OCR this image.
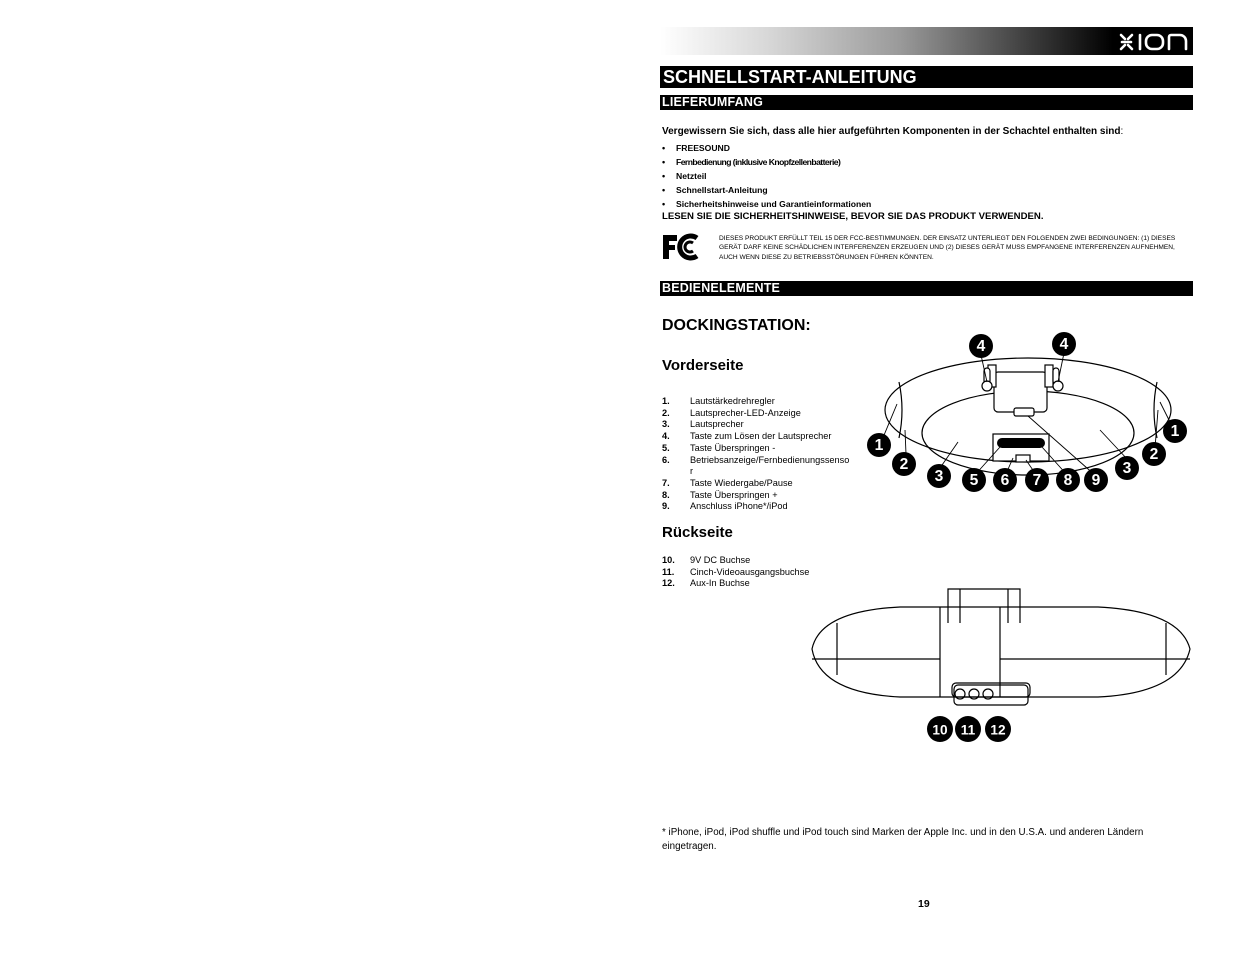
SCHNELLSTART-ANLEITUNG
LIEFERUMFANG
BEDIENELEMENTE
Vergewissern Sie sich, dass alle hier aufgeführten Komponenten in der Schachtel enthalten sind:
•	FREESOUND
•	Fernbedienung (inklusive Knopfzellenbatterie)
•	Netzteil
•	Schnellstart-Anleitung
•	Sicherheitshinweise und Garantieinformationen
LESEN SIE DIE SICHERHEITSHINWEISE, BEVOR SIE DAS PRODUKT VERWENDEN.
DIESES PRODUKT ERFÜLLT TEIL 15 DER FCC-BESTIMMUNGEN. DER EINSATZ UNTERLIEGT DEN FOLGENDEN ZWEI BEDINGUNGEN: (1) DIESES GERÄT DARF KEINE SCHÄDLICHEN INTERFERENZEN ERZEUGEN UND (2) DIESES GERÄT MUSS EMPFANGENE INTERFERENZEN AUFNEHMEN, AUCH WENN DIESE ZU BETRIEBSSTÖRUNGEN FÜHREN KÖNNTEN.
DOCKINGSTATION:
Vorderseite
1.	Lautstärkedrehregler
2.	Lautsprecher-LED-Anzeige
3.	Lautsprecher
4.	Taste zum Lösen der Lautsprecher
5.	Taste Überspringen -
6.	Betriebsanzeige/Fernbedienungssensor
7.	Taste Wiedergabe/Pause
8.	Taste Überspringen +
9.	Anschluss iPhone*/iPod
Rückseite
10.	9V DC Buchse
11.	Cinch-Videoausgangsbuchse
12.	Aux-In Buchse
1
2
3
4	4
1
2
3
5 6 7 8 9
10 11 12
* iPhone, iPod, iPod shuffle und iPod touch sind Marken der Apple Inc. und in den U.S.A. und anderen Ländern eingetragen.
19
